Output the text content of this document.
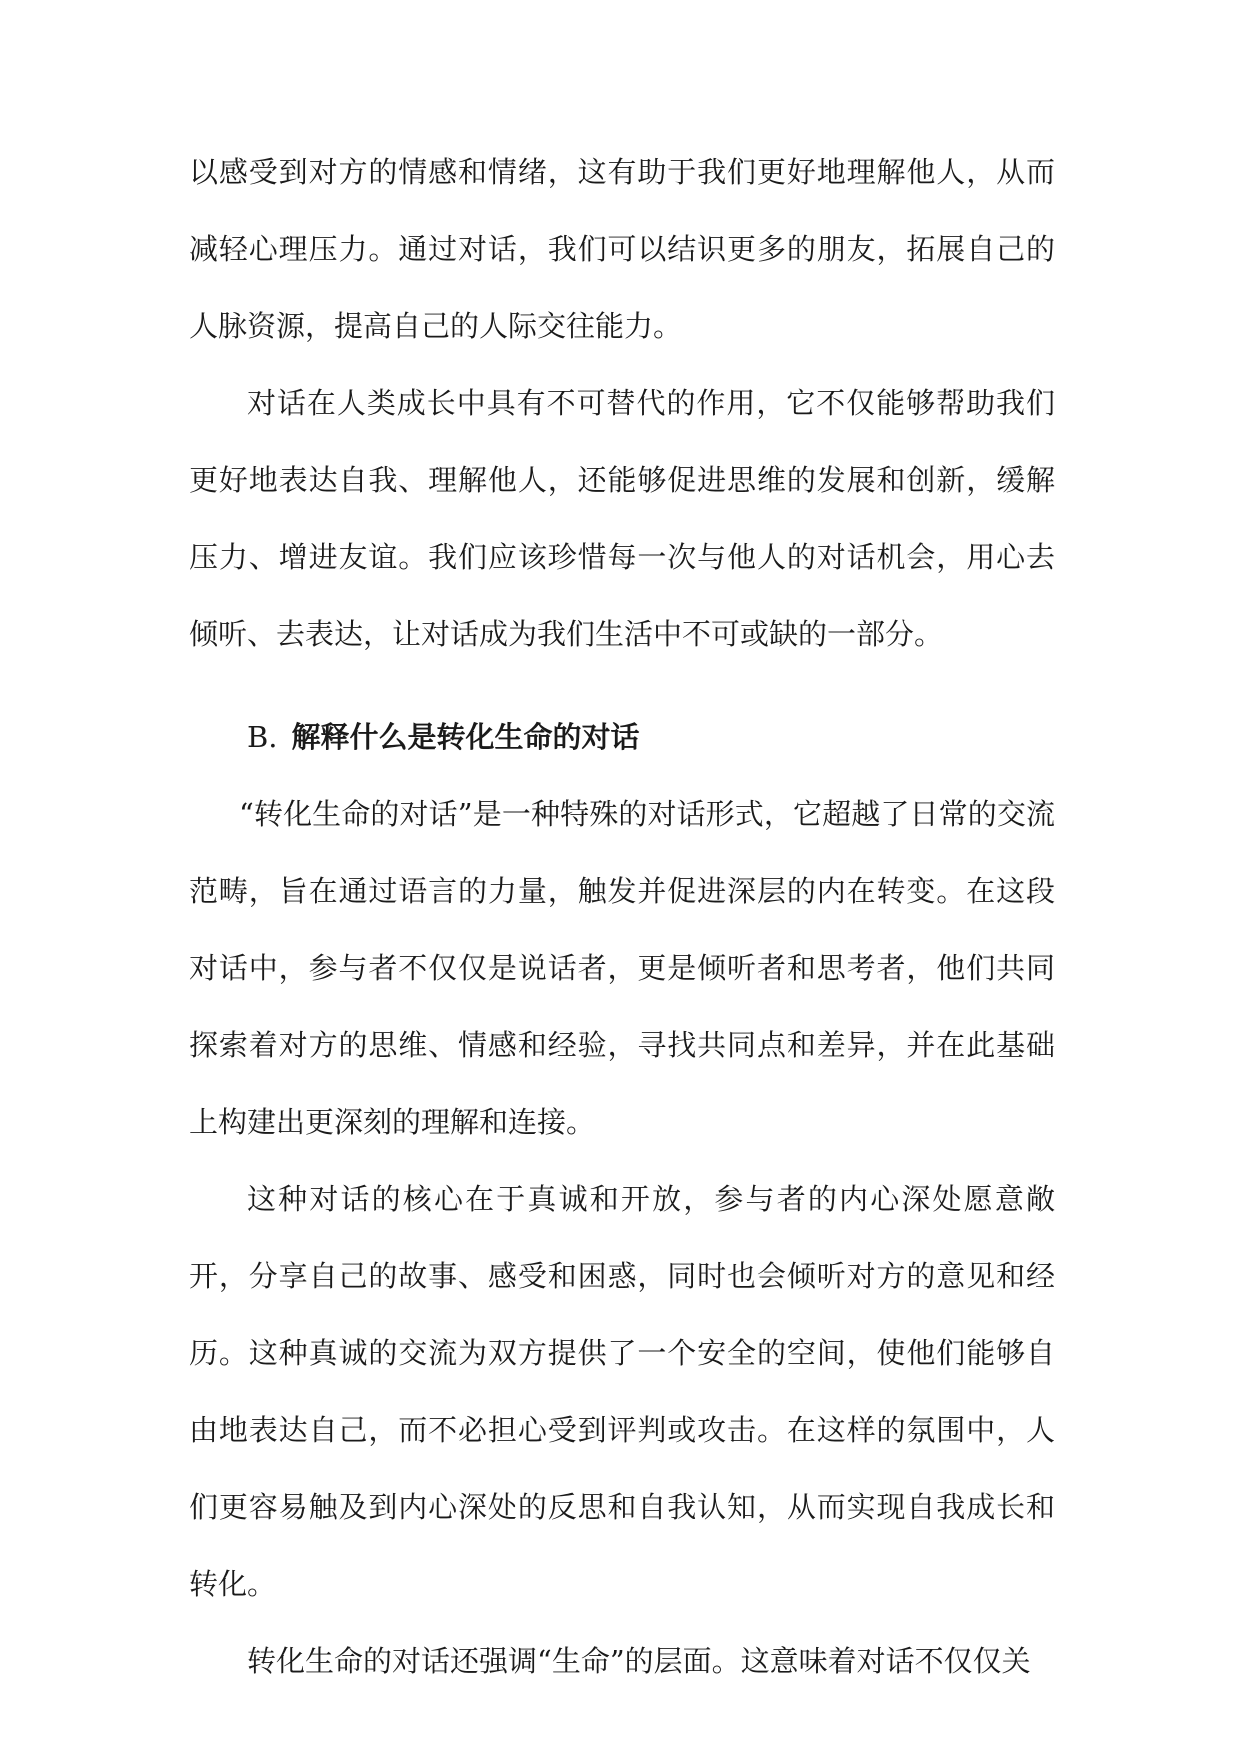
以感受到对方的情感和情绪，这有助于我们更好地理解他人，从而减轻心理压力。通过对话，我们可以结识更多的朋友，拓展自己的人脉资源，提高自己的人际交往能力。

对话在人类成长中具有不可替代的作用，它不仅能够帮助我们更好地表达自我、理解他人，还能够促进思维的发展和创新，缓解压力、增进友谊。我们应该珍惜每一次与他人的对话机会，用心去倾听、去表达，让对话成为我们生活中不可或缺的一部分。

B. 解释什么是转化生命的对话

“转化生命的对话”是一种特殊的对话形式，它超越了日常的交流范畴，旨在通过语言的力量，触发并促进深层的内在转变。在这段对话中，参与者不仅仅是说话者，更是倾听者和思考者，他们共同探索着对方的思维、情感和经验，寻找共同点和差异，并在此基础上构建出更深刻的理解和连接。

这种对话的核心在于真诚和开放，参与者的内心深处愿意敞开，分享自己的故事、感受和困惑，同时也会倾听对方的意见和经历。这种真诚的交流为双方提供了一个安全的空间，使他们能够自由地表达自己，而不必担心受到评判或攻击。在这样的氛围中，人们更容易触及到内心深处的反思和自我认知，从而实现自我成长和转化。

转化生命的对话还强调“生命”的层面。这意味着对话不仅仅关
